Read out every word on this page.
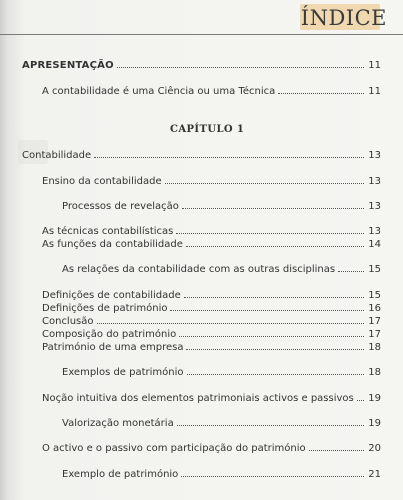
ÍNDICE
APRESENTAÇÃO	11
A contabilidade é uma Ciência ou uma Técnica	11
CAPÍTULO 1
Contabilidade	13
Ensino da contabilidade	13
Processos de revelação	13
As técnicas contabilísticas	13
As funções da contabilidade	14
As relações da contabilidade com as outras disciplinas	15
Definições de contabilidade	15
Definições de património	16
Conclusão	17
Composição do património	17
Património de uma empresa	18
Exemplos de património	18
Noção intuitiva dos elementos patrimoniais activos e passivos 19
Valorização monetária	19
O activo e o passivo com participação do património	20
Exemplo de património	21
